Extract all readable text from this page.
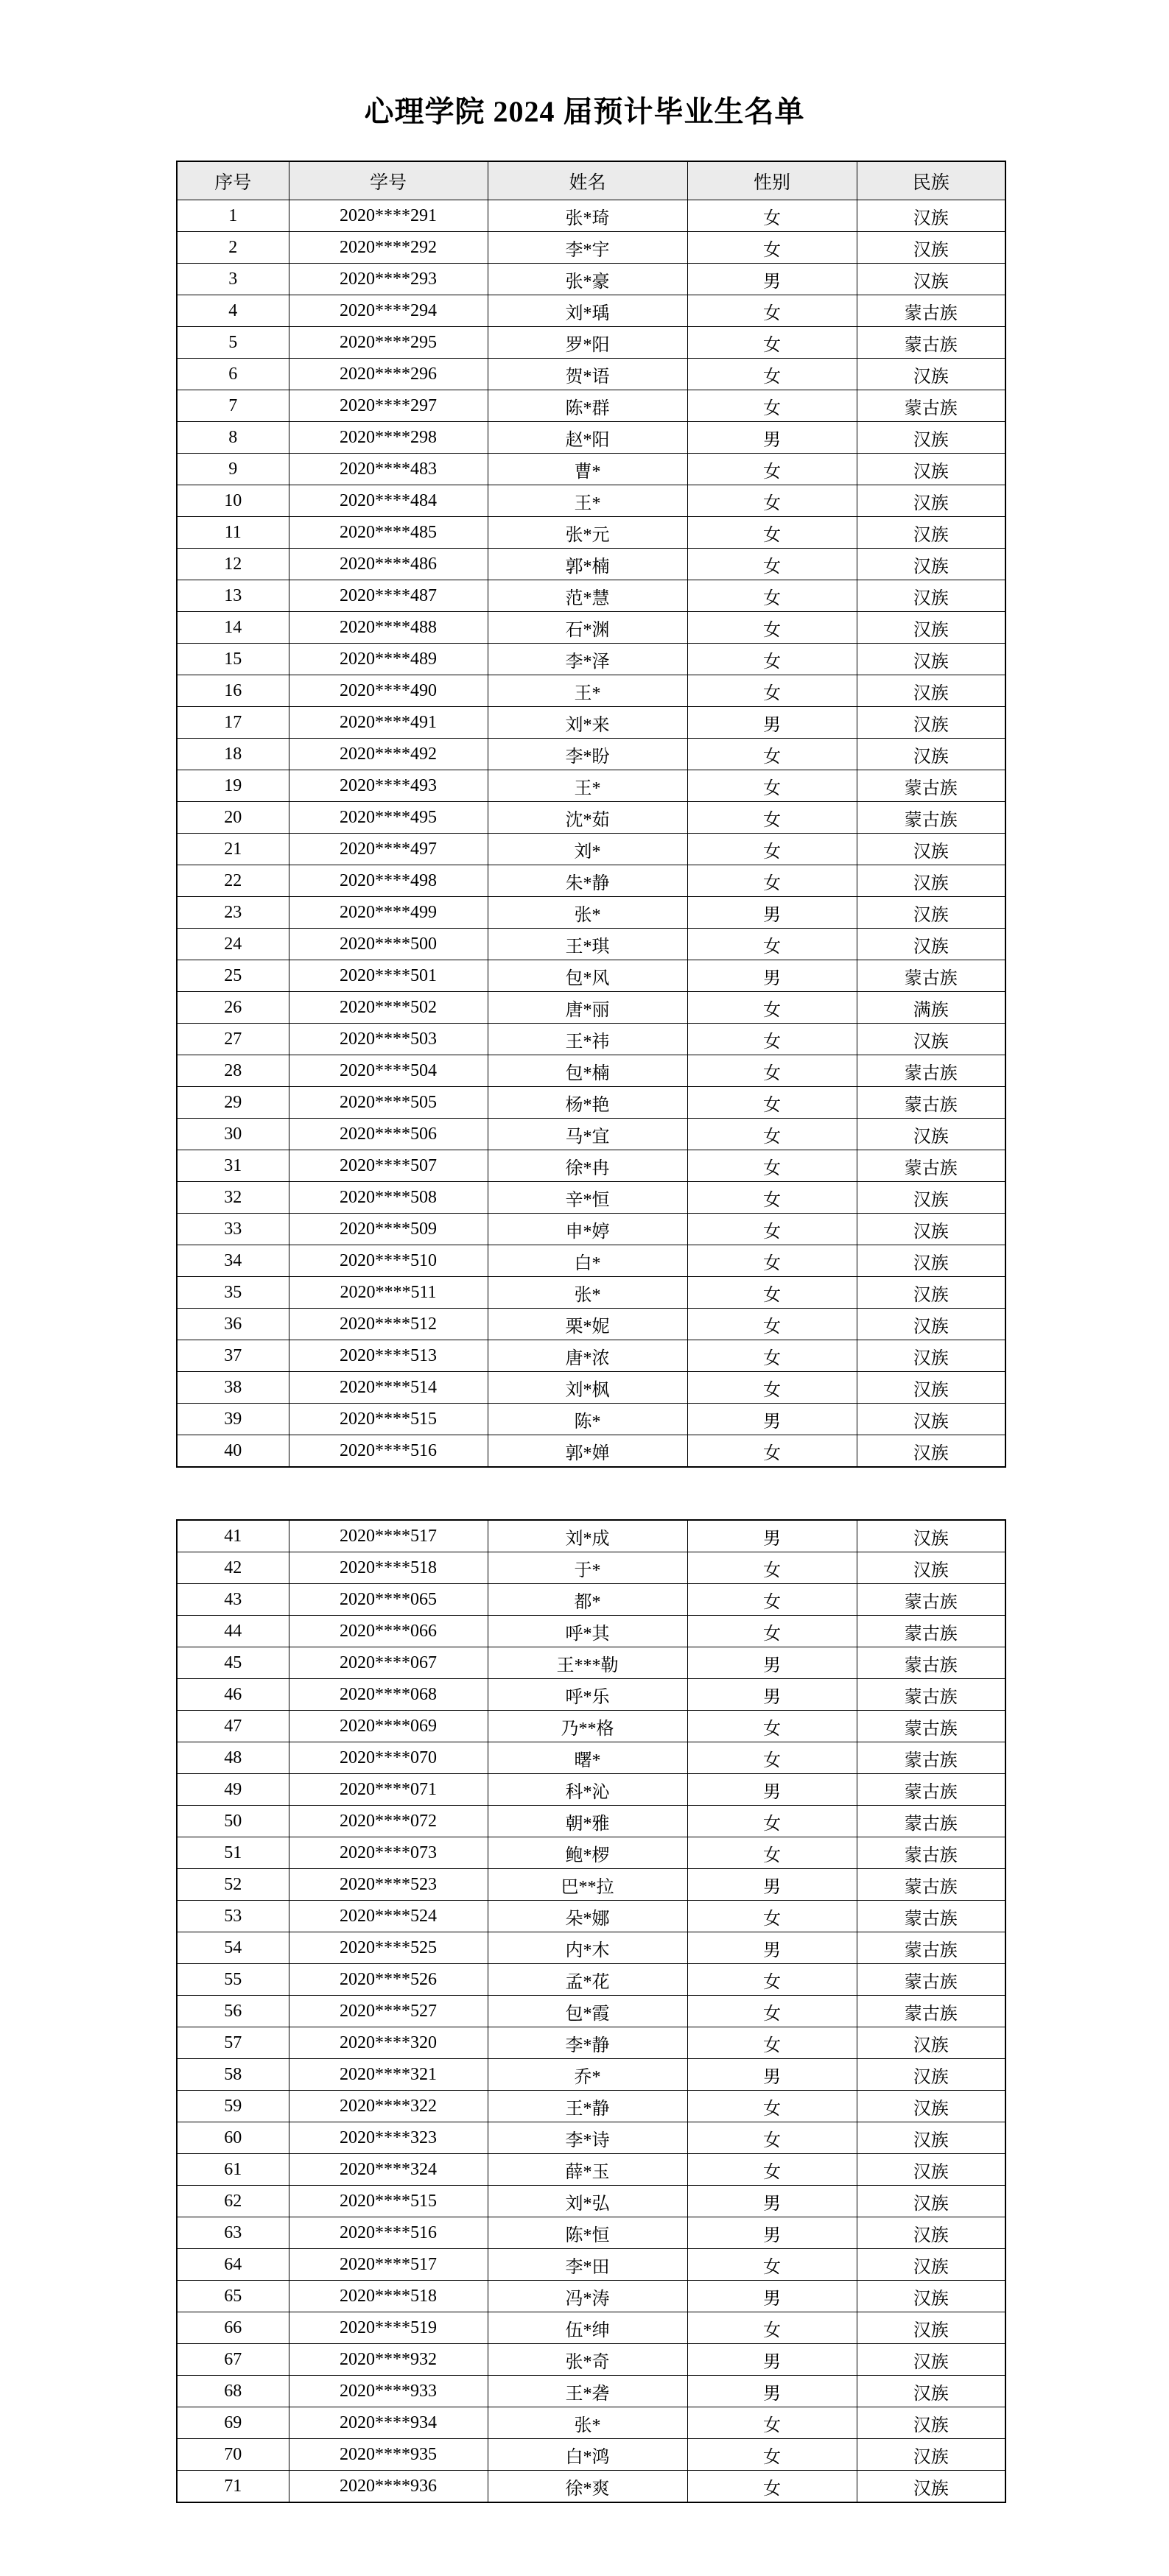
心理学院 2024 届预计毕业生名单
序号	学号	姓名	性别	民族
1	2020****291	张*琦	女	汉族
2	2020****292	李*宇	女	汉族
3	2020****293	张*豪	男	汉族
4	2020****294	刘*瑀	女	蒙古族
5	2020****295	罗*阳	女	蒙古族
6	2020****296	贺*语	女	汉族
7	2020****297	陈*群	女	蒙古族
8	2020****298	赵*阳	男	汉族
9	2020****483	曹*	女	汉族
10	2020****484	王*	女	汉族
11	2020****485	张*元	女	汉族
12	2020****486	郭*楠	女	汉族
13	2020****487	范*慧	女	汉族
14	2020****488	石*渊	女	汉族
15	2020****489	李*泽	女	汉族
16	2020****490	王*	女	汉族
17	2020****491	刘*来	男	汉族
18	2020****492	李*盼	女	汉族
19	2020****493	王*	女	蒙古族
20	2020****495	沈*茹	女	蒙古族
21	2020****497	刘*	女	汉族
22	2020****498	朱*静	女	汉族
23	2020****499	张*	男	汉族
24	2020****500	王*琪	女	汉族
25	2020****501	包*风	男	蒙古族
26	2020****502	唐*丽	女	满族
27	2020****503	王*祎	女	汉族
28	2020****504	包*楠	女	蒙古族
29	2020****505	杨*艳	女	蒙古族
30	2020****506	马*宜	女	汉族
31	2020****507	徐*冉	女	蒙古族
32	2020****508	辛*恒	女	汉族
33	2020****509	申*婷	女	汉族
34	2020****510	白*	女	汉族
35	2020****511	张*	女	汉族
36	2020****512	栗*妮	女	汉族
37	2020****513	唐*浓	女	汉族
38	2020****514	刘*枫	女	汉族
39	2020****515	陈*	男	汉族
40	2020****516	郭*婵	女	汉族
41	2020****517	刘*成	男	汉族
42	2020****518	于*	女	汉族
43	2020****065	都*	女	蒙古族
44	2020****066	呼*其	女	蒙古族
45	2020****067	王***勒	男	蒙古族
46	2020****068	呼*乐	男	蒙古族
47	2020****069	乃**格	女	蒙古族
48	2020****070	曙*	女	蒙古族
49	2020****071	科*沁	男	蒙古族
50	2020****072	朝*雅	女	蒙古族
51	2020****073	鲍*椤	女	蒙古族
52	2020****523	巴**拉	男	蒙古族
53	2020****524	朵*娜	女	蒙古族
54	2020****525	内*木	男	蒙古族
55	2020****526	孟*花	女	蒙古族
56	2020****527	包*霞	女	蒙古族
57	2020****320	李*静	女	汉族
58	2020****321	乔*	男	汉族
59	2020****322	王*静	女	汉族
60	2020****323	李*诗	女	汉族
61	2020****324	薛*玉	女	汉族
62	2020****515	刘*弘	男	汉族
63	2020****516	陈*恒	男	汉族
64	2020****517	李*田	女	汉族
65	2020****518	冯*涛	男	汉族
66	2020****519	伍*绅	女	汉族
67	2020****932	张*奇	男	汉族
68	2020****933	王*砻	男	汉族
69	2020****934	张*	女	汉族
70	2020****935	白*鸿	女	汉族
71	2020****936	徐*爽	女	汉族
